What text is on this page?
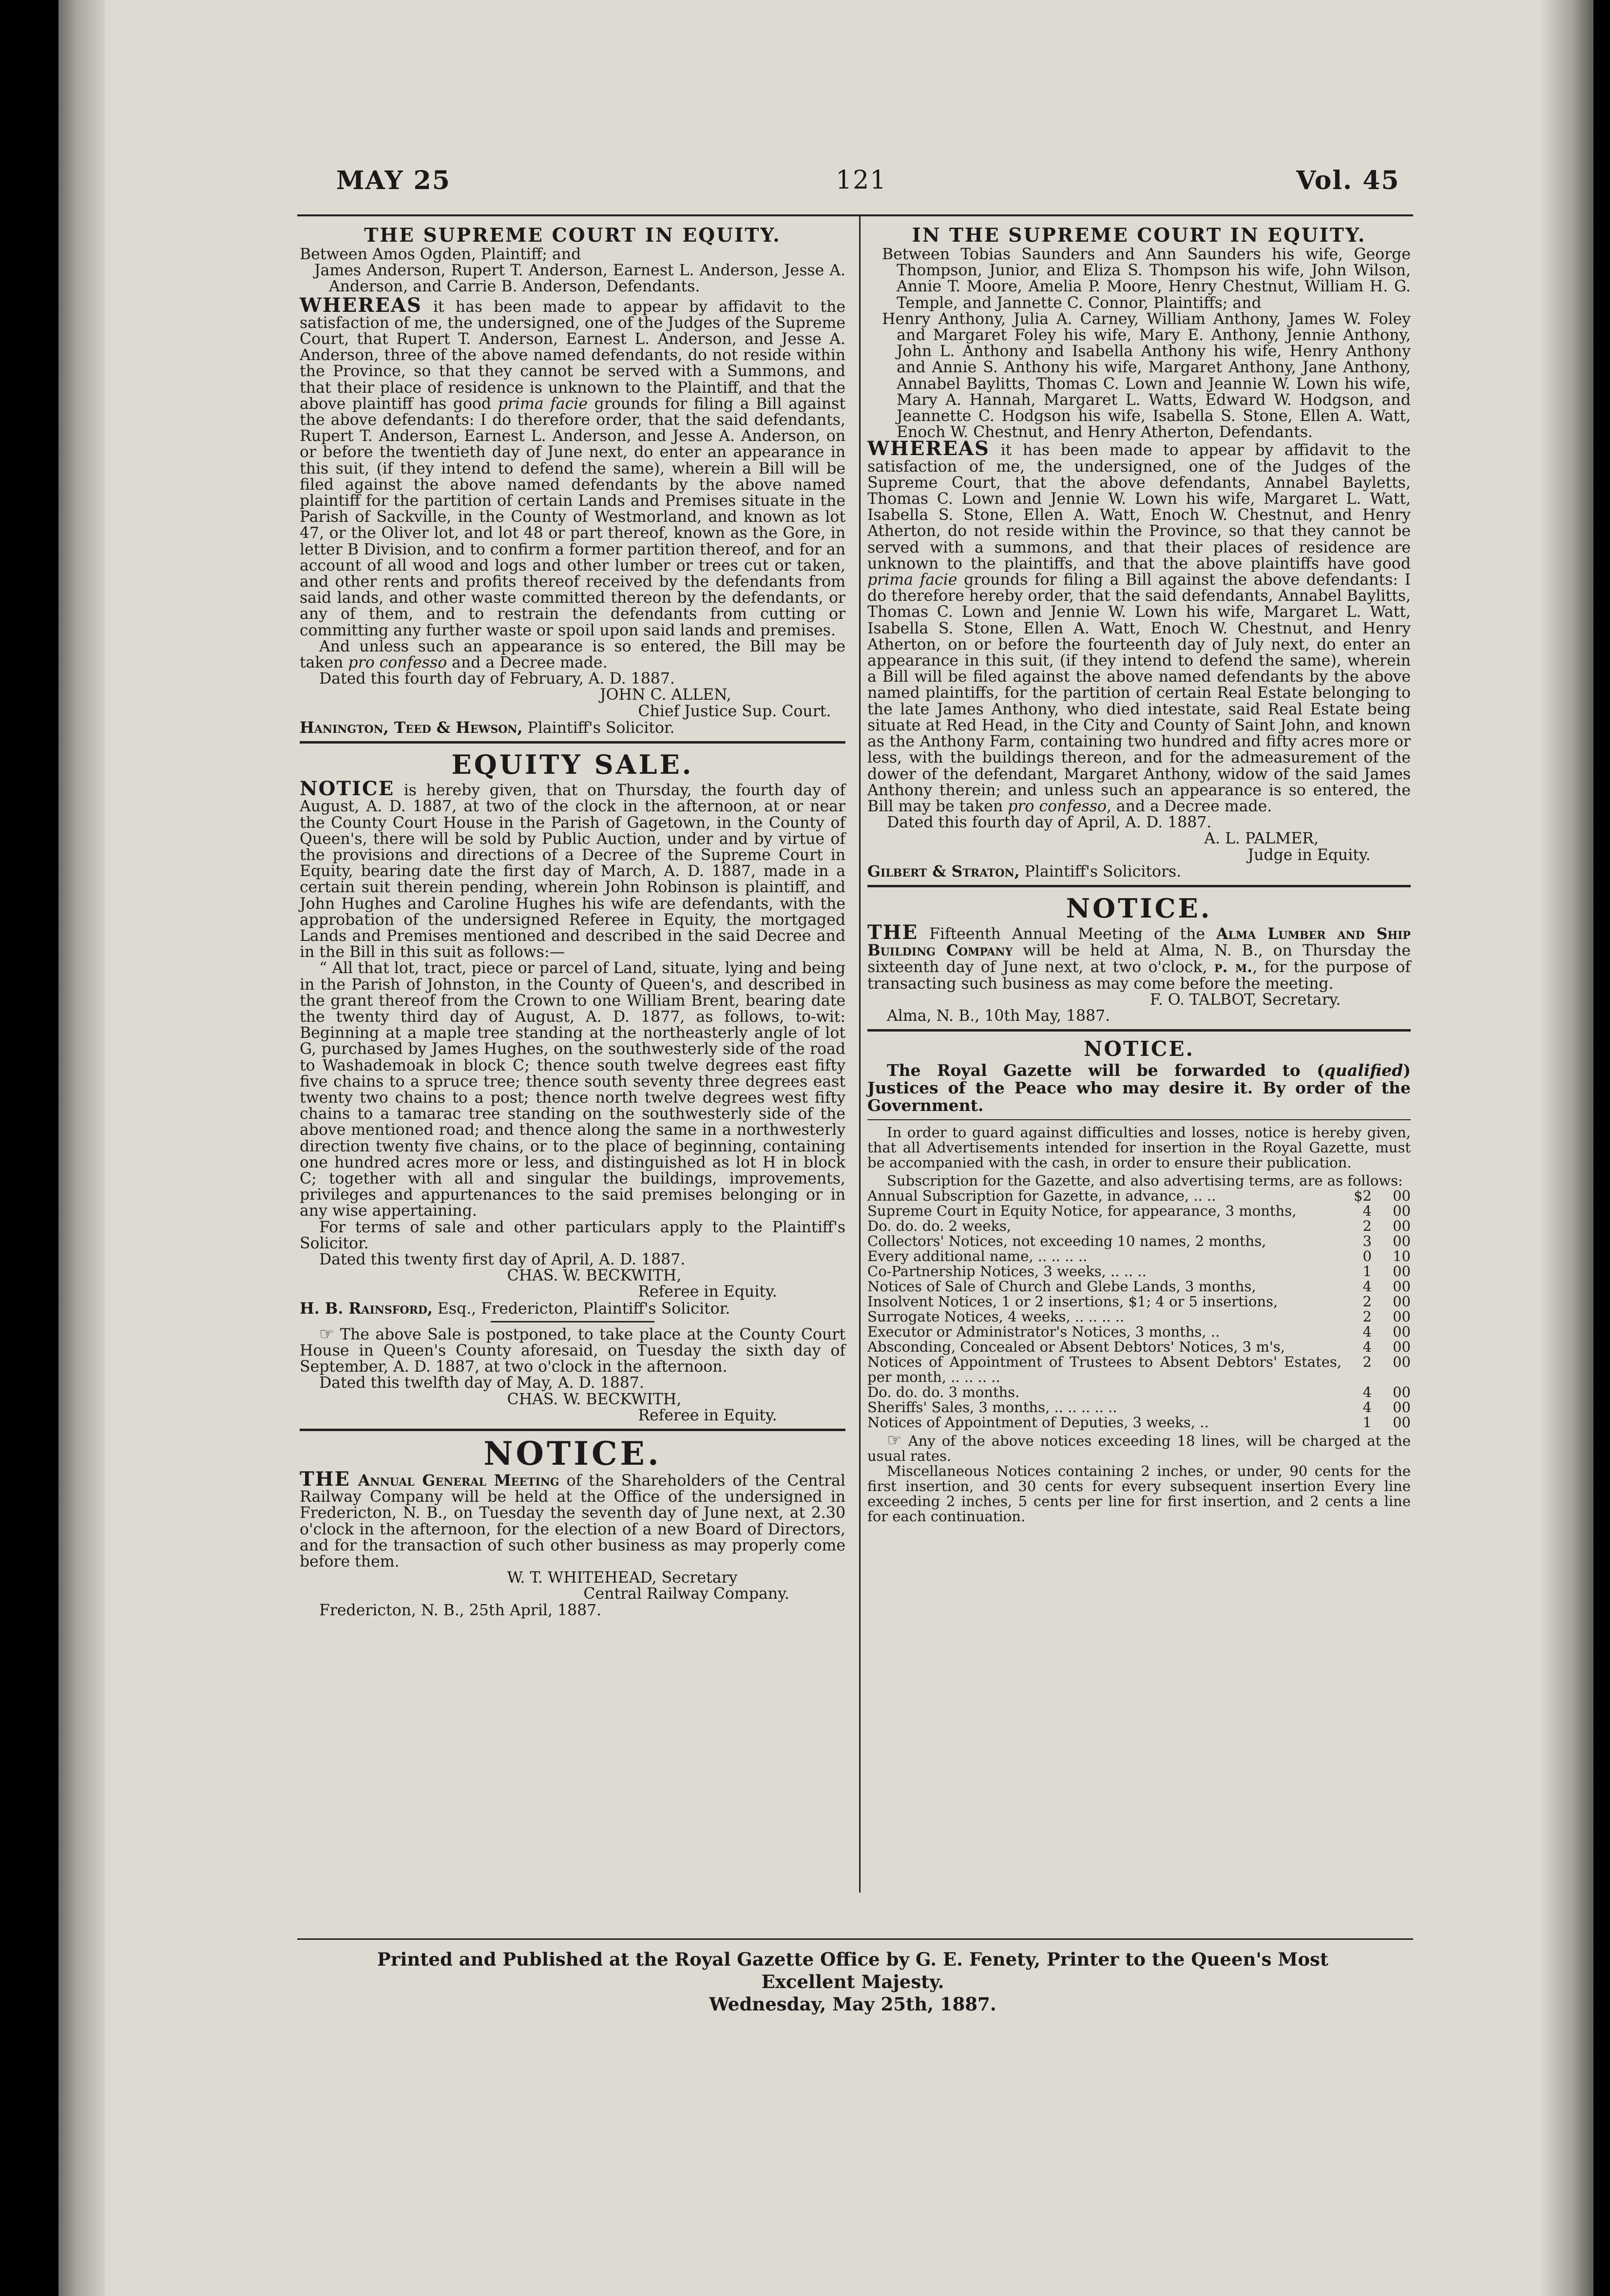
MAY 25	121	Vol. 45

THE SUPREME COURT IN EQUITY.

Between Amos Ogden, Plaintiff; and

James Anderson, Rupert T. Anderson, Earnest L. Anderson, Jesse A. Anderson, and Carrie B. Anderson, Defendants.

WHEREAS it has been made to appear by affidavit to the satisfaction of me, the undersigned, one of the Judges of the Supreme Court, that Rupert T. Anderson, Earnest L. Anderson, and Jesse A. Anderson, three of the above named defendants, do not reside within the Province, so that they cannot be served with a Summons, and that their place of residence is unknown to the Plaintiff, and that the above plaintiff has good prima facie grounds for filing a Bill against the above defendants: I do therefore order, that the said defendants, Rupert T. Anderson, Earnest L. Anderson, and Jesse A. Anderson, on or before the twentieth day of June next, do enter an appearance in this suit, (if they intend to defend the same), wherein a Bill will be filed against the above named defendants by the above named plaintiff for the partition of certain Lands and Premises situate in the Parish of Sackville, in the County of Westmorland, and known as lot 47, or the Oliver lot, and lot 48 or part thereof, known as the Gore, in letter B Division, and to confirm a former partition thereof, and for an account of all wood and logs and other lumber or trees cut or taken, and other rents and profits thereof received by the defendants from said lands, and other waste committed thereon by the defendants, or any of them, and to restrain the defendants from cutting or committing any further waste or spoil upon said lands and premises.

And unless such an appearance is so entered, the Bill may be taken pro confesso and a Decree made.

Dated this fourth day of February, A. D. 1887.

JOHN C. ALLEN,

Chief Justice Sup. Court.

Hanington, Teed & Hewson, Plaintiff's Solicitor.

EQUITY SALE.

NOTICE is hereby given, that on Thursday, the fourth day of August, A. D. 1887, at two of the clock in the afternoon, at or near the County Court House in the Parish of Gagetown, in the County of Queen's, there will be sold by Public Auction, under and by virtue of the provisions and directions of a Decree of the Supreme Court in Equity, bearing date the first day of March, A. D. 1887, made in a certain suit therein pending, wherein John Robinson is plaintiff, and John Hughes and Caroline Hughes his wife are defendants, with the approbation of the undersigned Referee in Equity, the mortgaged Lands and Premises mentioned and described in the said Decree and in the Bill in this suit as follows:—

“ All that lot, tract, piece or parcel of Land, situate, lying and being in the Parish of Johnston, in the County of Queen's, and described in the grant thereof from the Crown to one William Brent, bearing date the twenty third day of August, A. D. 1877, as follows, to-wit: Beginning at a maple tree standing at the northeasterly angle of lot G, purchased by James Hughes, on the southwesterly side of the road to Washademoak in block C; thence south twelve degrees east fifty five chains to a spruce tree; thence south seventy three degrees east twenty two chains to a post; thence north twelve degrees west fifty chains to a tamarac tree standing on the southwesterly side of the above mentioned road; and thence along the same in a northwesterly direction twenty five chains, or to the place of beginning, containing one hundred acres more or less, and distinguished as lot H in block C; together with all and singular the buildings, improvements, privileges and appurtenances to the said premises belonging or in any wise appertaining.

For terms of sale and other particulars apply to the Plaintiff's Solicitor.

Dated this twenty first day of April, A. D. 1887.

CHAS. W. BECKWITH,

Referee in Equity.

H. B. Rainsford, Esq., Fredericton, Plaintiff's Solicitor.

☞ The above Sale is postponed, to take place at the County Court House in Queen's County aforesaid, on Tuesday the sixth day of September, A. D. 1887, at two o'clock in the afternoon.

Dated this twelfth day of May, A. D. 1887.

CHAS. W. BECKWITH,

Referee in Equity.

NOTICE.

THE Annual General Meeting of the Shareholders of the Central Railway Company will be held at the Office of the undersigned in Fredericton, N. B., on Tuesday the seventh day of June next, at 2.30 o'clock in the afternoon, for the election of a new Board of Directors, and for the transaction of such other business as may properly come before them.

W. T. WHITEHEAD, Secretary

Central Railway Company.

Fredericton, N. B., 25th April, 1887.

IN THE SUPREME COURT IN EQUITY.

Between Tobias Saunders and Ann Saunders his wife, George Thompson, Junior, and Eliza S. Thompson his wife, John Wilson, Annie T. Moore, Amelia P. Moore, Henry Chestnut, William H. G. Temple, and Jannette C. Connor, Plaintiffs; and

Henry Anthony, Julia A. Carney, William Anthony, James W. Foley and Margaret Foley his wife, Mary E. Anthony, Jennie Anthony, John L. Anthony and Isabella Anthony his wife, Henry Anthony and Annie S. Anthony his wife, Margaret Anthony, Jane Anthony, Annabel Baylitts, Thomas C. Lown and Jeannie W. Lown his wife, Mary A. Hannah, Margaret L. Watts, Edward W. Hodgson, and Jeannette C. Hodgson his wife, Isabella S. Stone, Ellen A. Watt, Enoch W. Chestnut, and Henry Atherton, Defendants.

WHEREAS it has been made to appear by affidavit to the satisfaction of me, the undersigned, one of the Judges of the Supreme Court, that the above defendants, Annabel Bayletts, Thomas C. Lown and Jennie W. Lown his wife, Margaret L. Watt, Isabella S. Stone, Ellen A. Watt, Enoch W. Chestnut, and Henry Atherton, do not reside within the Province, so that they cannot be served with a summons, and that their places of residence are unknown to the plaintiffs, and that the above plaintiffs have good prima facie grounds for filing a Bill against the above defendants: I do therefore hereby order, that the said defendants, Annabel Baylitts, Thomas C. Lown and Jennie W. Lown his wife, Margaret L. Watt, Isabella S. Stone, Ellen A. Watt, Enoch W. Chestnut, and Henry Atherton, on or before the fourteenth day of July next, do enter an appearance in this suit, (if they intend to defend the same), wherein a Bill will be filed against the above named defendants by the above named plaintiffs, for the partition of certain Real Estate belonging to the late James Anthony, who died intestate, said Real Estate being situate at Red Head, in the City and County of Saint John, and known as the Anthony Farm, containing two hundred and fifty acres more or less, with the buildings thereon, and for the admeasurement of the dower of the defendant, Margaret Anthony, widow of the said James Anthony therein; and unless such an appearance is so entered, the Bill may be taken pro confesso, and a Decree made.

Dated this fourth day of April, A. D. 1887.

A. L. PALMER,

Judge in Equity.

Gilbert & Straton, Plaintiff's Solicitors.

NOTICE.

THE Fifteenth Annual Meeting of the Alma Lumber and Ship Building Company will be held at Alma, N. B., on Thursday the sixteenth day of June next, at two o'clock, p. m., for the purpose of transacting such business as may come before the meeting.

F. O. TALBOT, Secretary.

Alma, N. B., 10th May, 1887.

NOTICE.

The Royal Gazette will be forwarded to (qualified) Justices of the Peace who may desire it. By order of the Government.

In order to guard against difficulties and losses, notice is hereby given, that all Advertisements intended for insertion in the Royal Gazette, must be accompanied with the cash, in order to ensure their publication.

Subscription for the Gazette, and also advertising terms, are as follows:

Annual Subscription for Gazette, in advance, .. ..	$2	00
Supreme Court in Equity Notice, for appearance, 3 months,	4	00
Do. do. do. 2 weeks,	2	00
Collectors' Notices, not exceeding 10 names, 2 months,	3	00
Every additional name, .. .. .. ..	0	10
Co-Partnership Notices, 3 weeks, .. .. ..	1	00
Notices of Sale of Church and Glebe Lands, 3 months,	4	00
Insolvent Notices, 1 or 2 insertions, $1; 4 or 5 insertions,	2	00
Surrogate Notices, 4 weeks, .. .. .. ..	2	00
Executor or Administrator's Notices, 3 months, ..	4	00
Absconding, Concealed or Absent Debtors' Notices, 3 m's,	4	00
Notices of Appointment of Trustees to Absent Debtors' Estates, per month, .. .. .. ..	2	00
Do. do. do. 3 months.	4	00
Sheriffs' Sales, 3 months, .. .. .. .. ..	4	00
Notices of Appointment of Deputies, 3 weeks, ..	1	00

☞ Any of the above notices exceeding 18 lines, will be charged at the usual rates.

Miscellaneous Notices containing 2 inches, or under, 90 cents for the first insertion, and 30 cents for every subsequent insertion Every line exceeding 2 inches, 5 cents per line for first insertion, and 2 cents a line for each continuation.

Printed and Published at the Royal Gazette Office by G. E. Fenety, Printer to the Queen's Most Excellent Majesty.
Wednesday, May 25th, 1887.
